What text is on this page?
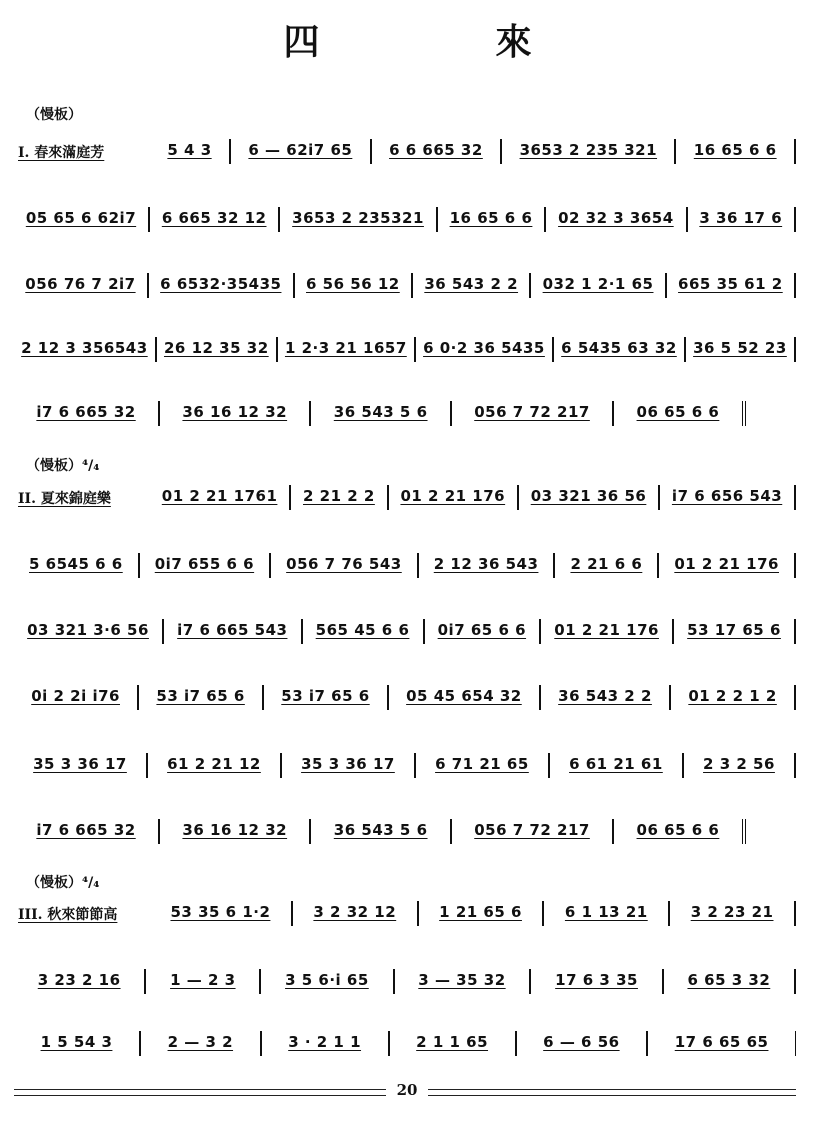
四　來
（慢板）
I. 春來滿庭芳	5 4 3	6 — 62i7 65	6 6 665 32	3653 2 235 321	16 65 6 6
05 65 6 62i7	6 665 32 12	3653 2 235321	16 65 6 6	02 32 3 3654	3 36 17 6
056 76 7 2i7	6 6532·35435	6 56 56 12	36 543 2 2	032 1 2·1 65	665 35 61 2
2 12 3 356543	26 12 35 32	1 2·3 21 1657	6 0·2 36 5435	6 5435 63 32	36 5 52 23
i7 6 665 32	36 16 12 32	36 543 5 6	056 7 72 217	06 65 6 6
（慢板）⁴/₄
II. 夏來錦庭樂	01 2 21 1761	2 21 2 2	01 2 21 176	03 321 36 56	i7 6 656 543
5 6545 6 6	0i7 655 6 6	056 7 76 543	2 12 36 543	2 21 6 6	01 2 21 176
03 321 3·6 56	i7 6 665 543	565 45 6 6	0i7 65 6 6	01 2 21 176	53 17 65 6
0i 2 2i i76	53 i7 65 6	53 i7 65 6	05 45 654 32	36 543 2 2	01 2 2 1 2
35 3 36 17	61 2 21 12	35 3 36 17	6 71 21 65	6 61 21 61	2 3 2 56
i7 6 665 32	36 16 12 32	36 543 5 6	056 7 72 217	06 65 6 6
（慢板）⁴/₄
III. 秋來節節高	53 35 6 1·2	3 2 32 12	1 21 65 6	6 1 13 21	3 2 23 21
3 23 2 16	1 — 2 3	3 5 6·i 65	3 — 35 32	17 6 3 35	6 65 3 32
1 5 54 3	2 — 3 2	3 · 2 1 1	2 1 1 65	6 — 6 56	17 6 65 65
20
